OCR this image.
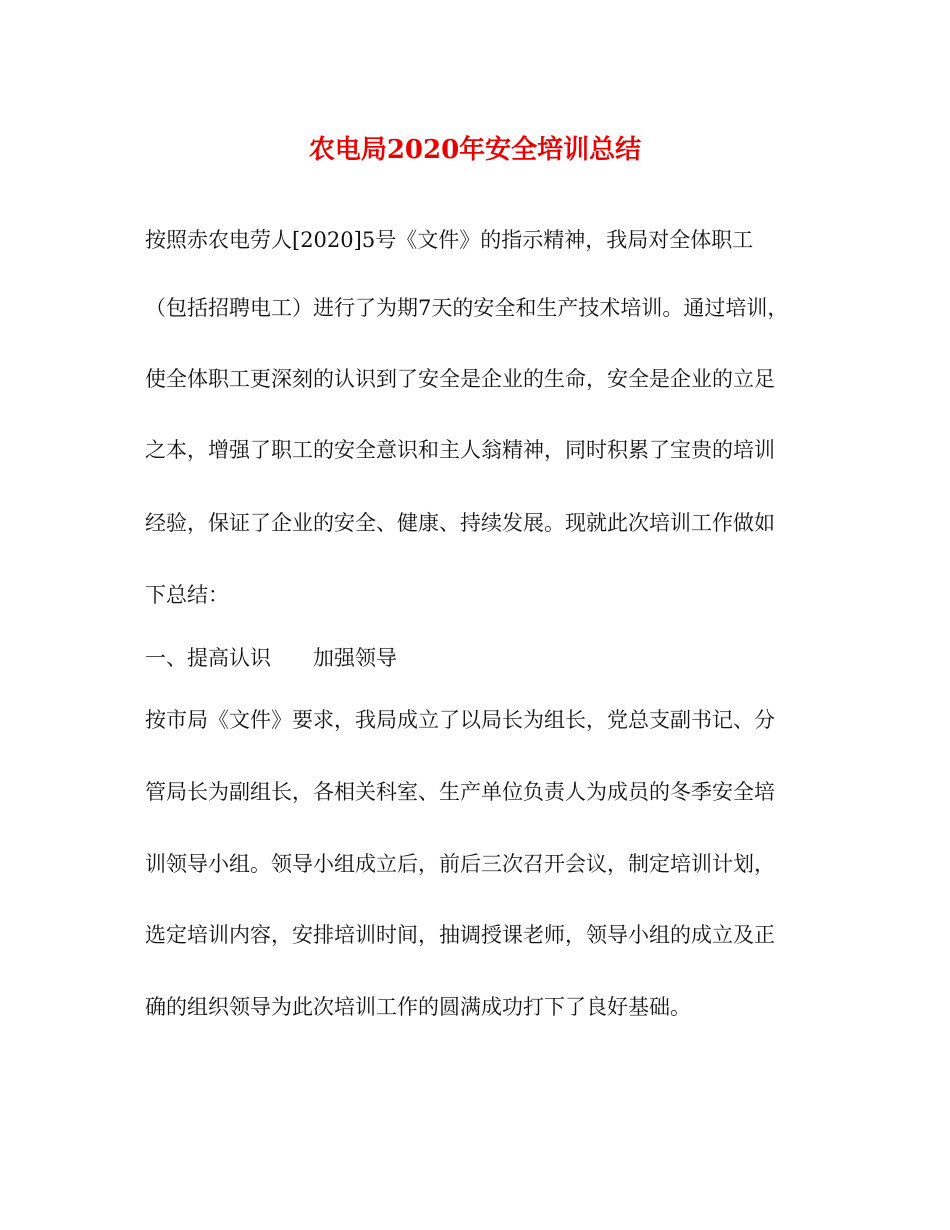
农电局2020年安全培训总结
按照赤农电劳人[2020]5号《文件》的指示精神，我局对全体职工
（包括招聘电工）进行了为期7天的安全和生产技术培训。通过培训，
使全体职工更深刻的认识到了安全是企业的生命，安全是企业的立足
之本，增强了职工的安全意识和主人翁精神，同时积累了宝贵的培训
经验，保证了企业的安全、健康、持续发展。现就此次培训工作做如
下总结：
一、提高认识 加强领导
按市局《文件》要求，我局成立了以局长为组长，党总支副书记、分
管局长为副组长，各相关科室、生产单位负责人为成员的冬季安全培
训领导小组。领导小组成立后，前后三次召开会议，制定培训计划，
选定培训内容，安排培训时间，抽调授课老师，领导小组的成立及正
确的组织领导为此次培训工作的圆满成功打下了良好基础。
